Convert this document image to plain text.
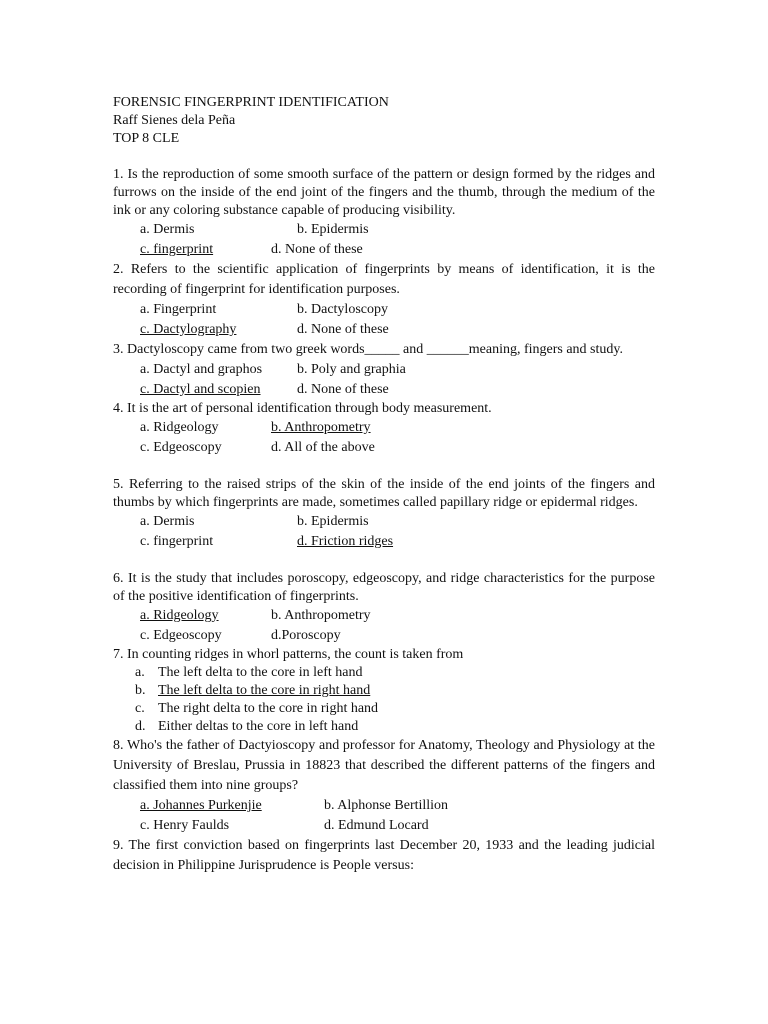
FORENSIC FINGERPRINT IDENTIFICATION
Raff Sienes dela Peña
TOP 8 CLE
1. Is the reproduction of some smooth surface of the pattern or design formed by the ridges and furrows on the inside of the end joint of the fingers and the thumb, through the medium of the ink or any coloring substance capable of producing visibility.
a. Dermis	b. Epidermis
c. fingerprint	d. None of these
2. Refers to the scientific application of fingerprints by means of identification, it is the recording of fingerprint for identification purposes.
a. Fingerprint	b. Dactyloscopy
c. Dactylography	d. None of these
3. Dactyloscopy came from two greek words_____ and ______meaning, fingers and study.
a. Dactyl and graphos b. Poly and graphia
c. Dactyl and scopien	d. None of these
4. It is the art of personal identification through body measurement.
a. Ridgeology	b. Anthropometry
c. Edgeoscopy	d. All of the above
5. Referring to the raised strips of the skin of the inside of the end joints of the fingers and thumbs by which fingerprints are made, sometimes called papillary ridge or epidermal ridges.
a. Dermis	b. Epidermis
c. fingerprint	d. Friction ridges
6. It is the study that includes poroscopy, edgeoscopy, and ridge characteristics for the purpose of the positive identification of fingerprints.
a. Ridgeology	b. Anthropometry
c. Edgeoscopy	d.Poroscopy
7. In counting ridges in whorl patterns, the count is taken from
a. The left delta to the core in left hand
b. The left delta to the core in right hand
c. The right delta to the core in right hand
d. Either deltas to the core in left hand
8. Who's the father of Dactyioscopy and professor for Anatomy, Theology and Physiology at the University of Breslau, Prussia in 18823 that described the different patterns of the fingers and classified them into nine groups?
a. Johannes Purkenjie	b. Alphonse Bertillion
c. Henry Faulds	d. Edmund Locard
9. The first conviction based on fingerprints last December 20, 1933 and the leading judicial decision in Philippine Jurisprudence is People versus:
